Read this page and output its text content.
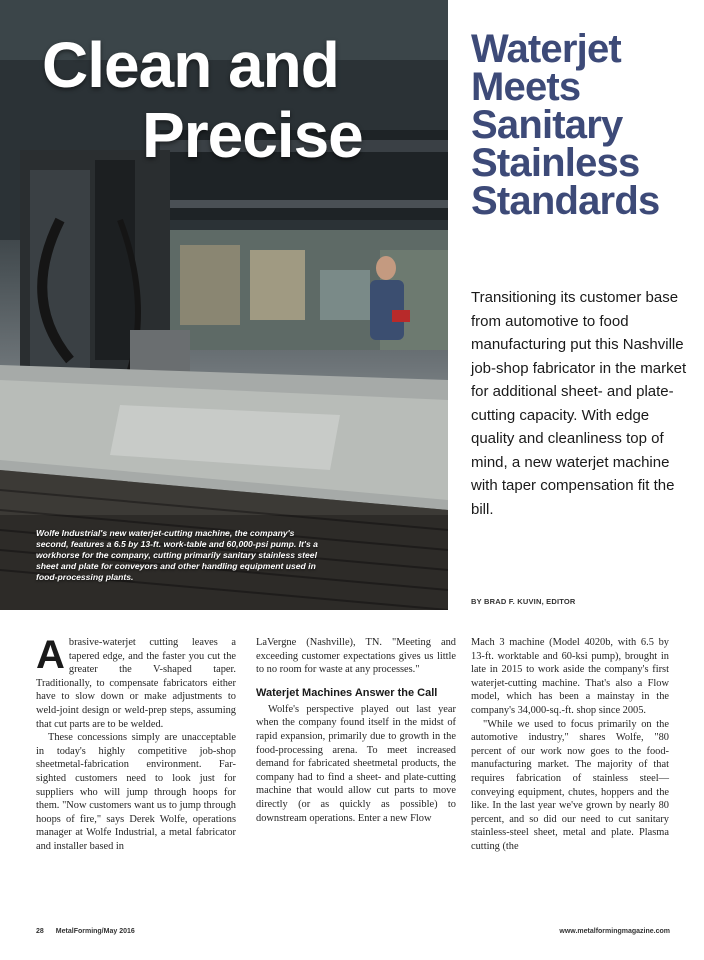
Clean and
Precise
Wolfe Industrial's new waterjet-cutting machine, the company's second, features a 6.5 by 13-ft. work-table and 60,000-psi pump. It's a workhorse for the company, cutting primarily sanitary stainless steel sheet and plate for conveyors and other handling equipment used in food-processing plants.
Waterjet Meets Sanitary Stainless Standards
Transitioning its customer base from automotive to food manufacturing put this Nashville job-shop fabricator in the market for additional sheet- and plate-cutting capacity. With edge quality and cleanliness top of mind, a new waterjet machine with taper compensation fit the bill.
BY BRAD F. KUVIN, EDITOR

Abrasive-waterjet cutting leaves a tapered edge, and the faster you cut the greater the V-shaped taper. Traditionally, to compensate fabricators either have to slow down or make adjustments to weld-joint design or weld-prep steps, assuming that cut parts are to be welded.

These concessions simply are unacceptable in today's highly competitive job-shop sheetmetal-fabrication environment. Far-sighted customers need to look just for suppliers who will jump through hoops for them. "Now customers want us to jump through hoops of fire," says Derek Wolfe, operations manager at Wolfe Industrial, a metal fabricator and installer based in

LaVergne (Nashville), TN. "Meeting and exceeding customer expectations gives us little to no room for waste at any processes."

Waterjet Machines Answer the Call

Wolfe's perspective played out last year when the company found itself in the midst of rapid expansion, primarily due to growth in the food-processing arena. To meet increased demand for fabricated sheetmetal products, the company had to find a sheet- and plate-cutting machine that would allow cut parts to move directly (or as quickly as possible) to downstream operations. Enter a new Flow

Mach 3 machine (Model 4020b, with 6.5 by 13-ft. worktable and 60-ksi pump), brought in late in 2015 to work aside the company's first waterjet-cutting machine. That's also a Flow model, which has been a mainstay in the company's 34,000-sq.-ft. shop since 2005.

"While we used to focus primarily on the automotive industry," shares Wolfe, "80 percent of our work now goes to the food-manufacturing market. The majority of that requires fabrication of stainless steel—conveying equipment, chutes, hoppers and the like. In the last year we've grown by nearly 80 percent, and so did our need to cut sanitary stainless-steel sheet, metal and plate. Plasma cutting (the

28 MetalForming/May 2016	www.metalformingmagazine.com
